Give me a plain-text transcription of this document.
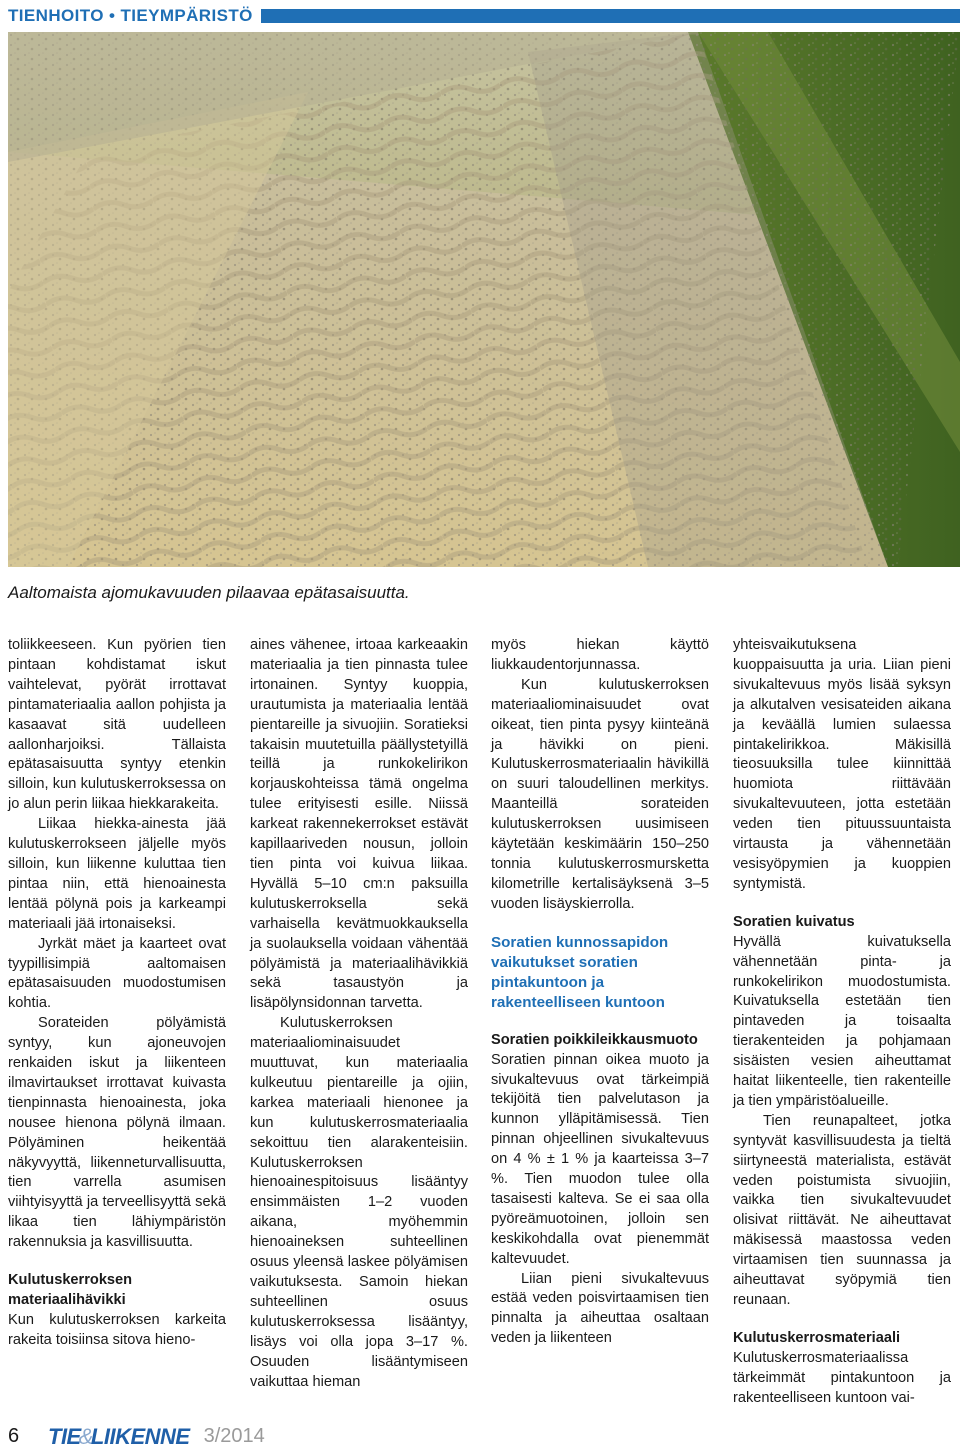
TIENHOITO • TIEYMPÄRISTÖ
Aaltomaista ajomukavuuden pilaavaa epätasaisuutta.

toliikkeeseen. Kun pyörien tien pintaan kohdistamat iskut vaihtelevat, pyörät irrottavat pintamateriaalia aallon pohjista ja kasaavat sitä uudelleen aallonharjoiksi. Tällaista epätasaisuutta syntyy etenkin silloin, kun kulutuskerroksessa on jo alun perin liikaa hiekkarakeita.

Liikaa hiekka-ainesta jää kulutuskerrokseen jäljelle myös silloin, kun liikenne kuluttaa tien pintaa niin, että hienoainesta lentää pölynä pois ja karkeampi materiaali jää irtonaiseksi.

Jyrkät mäet ja kaarteet ovat tyypillisimpiä aaltomaisen epätasaisuuden muodostumisen kohtia.

Sorateiden pölyämistä syntyy, kun ajoneuvojen renkaiden iskut ja liikenteen ilmavirtaukset irrottavat kuivasta tienpinnasta hienoainesta, joka nousee hienona pölynä ilmaan. Pölyäminen heikentää näkyvyyttä, liikenneturvallisuutta, tien varrella asumisen viihtyisyyttä ja terveellisyyttä sekä likaa tien lähiympäristön rakennuksia ja kasvillisuutta.

Kulutuskerroksen materiaalihävikki

Kun kulutuskerroksen karkeita rakeita toisiinsa sitova hieno-

aines vähenee, irtoaa karkeaakin materiaalia ja tien pinnasta tulee irtonainen. Syntyy kuoppia, urautumista ja materiaalia lentää pientareille ja sivuojiin. Soratieksi takaisin muutetuilla päällystetyillä teillä ja runkokelirikon korjauskohteissa tämä ongelma tulee erityisesti esille. Niissä karkeat rakennekerrokset estävät kapillaariveden nousun, jolloin tien pinta voi kuivua liikaa. Hyvällä 5–10 cm:n paksuilla kulutuskerroksella sekä varhaisella kevätmuokkauksella ja suolauksella voidaan vähentää pölyämistä ja materiaalihävikkiä sekä tasaustyön ja lisäpölynsidonnan tarvetta.

Kulutuskerroksen materiaaliominaisuudet muuttuvat, kun materiaalia kulkeutuu pientareille ja ojiin, karkea materiaali hienonee ja kun kulutuskerrosmateriaalia sekoittuu tien alarakenteisiin. Kulutuskerroksen hienoainespitoisuus lisääntyy ensimmäisten 1–2 vuoden aikana, myöhemmin hienoaineksen suhteellinen osuus yleensä laskee pölyämisen vaikutuksesta. Samoin hiekan suhteellinen osuus kulutuskerroksessa lisääntyy, lisäys voi olla jopa 3–17 %. Osuuden lisääntymiseen vaikuttaa hieman

myös hiekan käyttö liukkaudentorjunnassa.

Kun kulutuskerroksen materiaaliominaisuudet ovat oikeat, tien pinta pysyy kiinteänä ja hävikki on pieni. Kulutuskerrosmateriaalin hävikillä on suuri taloudellinen merkitys. Maanteillä sorateiden kulutuskerroksen uusimiseen käytetään keskimäärin 150–250 tonnia kulutuskerrosmursketta kilometrille kertalisäyksenä 3–5 vuoden lisäyskierrolla.

Soratien kunnossapidon vaikutukset soratien pintakuntoon ja rakenteelliseen kuntoon
Soratien poikkileikkausmuoto

Soratien pinnan oikea muoto ja sivukaltevuus ovat tärkeimpiä tekijöitä tien palvelutason ja kunnon ylläpitämisessä. Tien pinnan ohjeellinen sivukaltevuus on 4 % ± 1 % ja kaarteissa 3–7 %. Tien muodon tulee olla tasaisesti kalteva. Se ei saa olla pyöreämuotoinen, jolloin sen keskikohdalla ovat pienemmät kaltevuudet.

Liian pieni sivukaltevuus estää veden poisvirtaamisen tien pinnalta ja aiheuttaa osaltaan veden ja liikenteen

yhteisvaikutuksena kuoppaisuutta ja uria. Liian pieni sivukaltevuus myös lisää syksyn ja alkutalven vesisateiden aikana ja keväällä lumien sulaessa pintakelirikkoa. Mäkisillä tieosuuksilla tulee kiinnittää huomiota riittävään sivukaltevuuteen, jotta estetään veden tien pituussuuntaista virtausta ja vähennetään vesisyöpymien ja kuoppien syntymistä.

Soratien kuivatus

Hyvällä kuivatuksella vähennetään pinta- ja runkokelirikon muodostumista. Kuivatuksella estetään tien pintaveden ja toisaalta tierakenteiden ja pohjamaan sisäisten vesien aiheuttamat haitat liikenteelle, tien rakenteille ja tien ympäristöalueille.

Tien reunapalteet, jotka syntyvät kasvillisuudesta ja tieltä siirtyneestä materialista, estävät veden poistumista sivuojiin, vaikka tien sivukaltevuudet olisivat riittävät. Ne aiheuttavat mäkisessä maastossa veden virtaamisen tien suunnassa ja aiheuttavat syöpymiä tien reunaan.

Kulutuskerrosmateriaali

Kulutuskerrosmateriaalissa tärkeimmät pintakuntoon ja rakenteelliseen kuntoon vai-

6	TIE&LIIKENNE 3/2014
